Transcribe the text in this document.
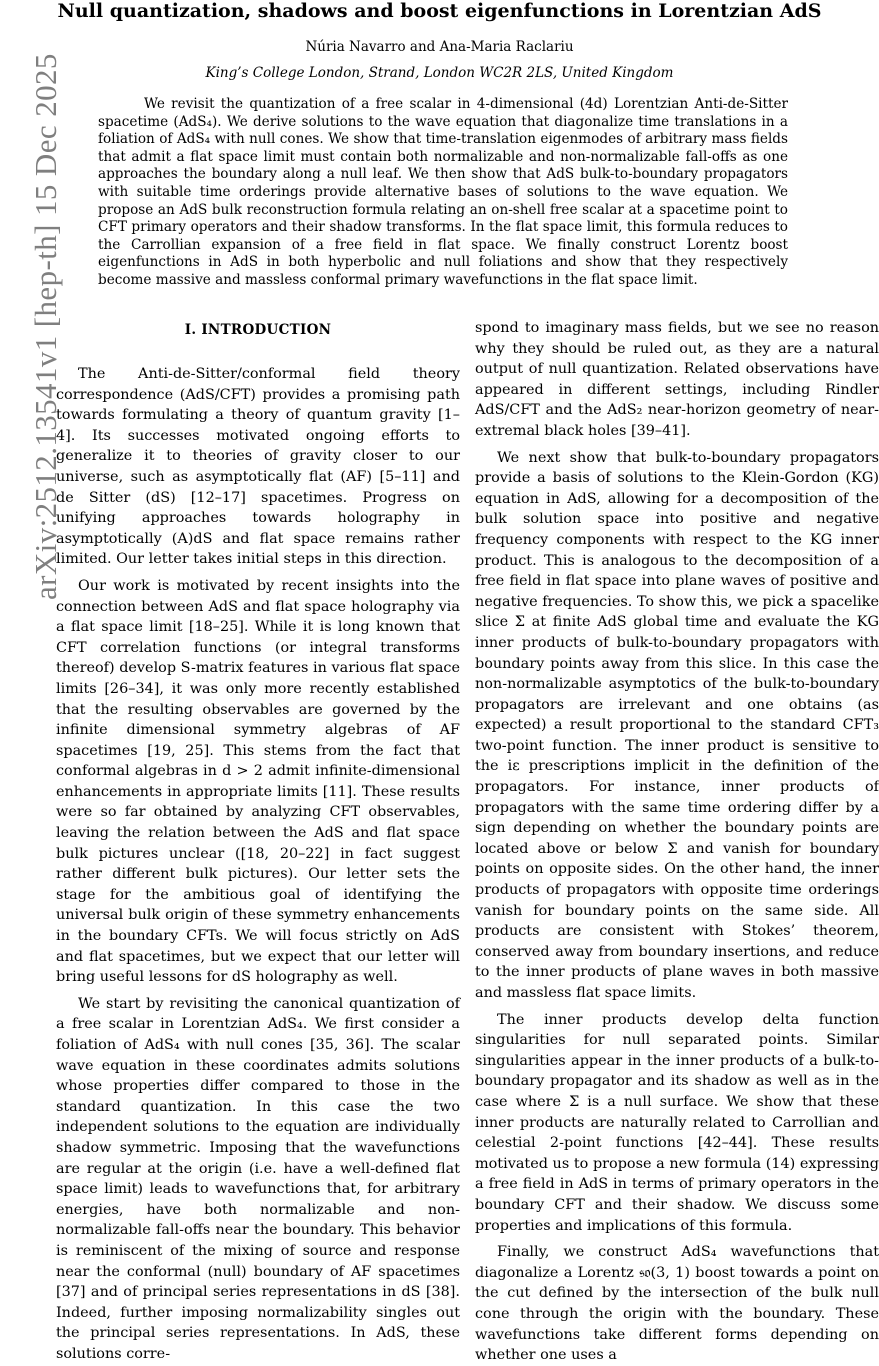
Null quantization, shadows and boost eigenfunctions in Lorentzian AdS
Núria Navarro and Ana-Maria Raclariu
King’s College London, Strand, London WC2R 2LS, United Kingdom

We revisit the quantization of a free scalar in 4-dimensional (4d) Lorentzian Anti-de-Sitter spacetime (AdS₄). We derive solutions to the wave equation that diagonalize time translations in a foliation of AdS₄ with null cones. We show that time-translation eigenmodes of arbitrary mass fields that admit a flat space limit must contain both normalizable and non-normalizable fall-offs as one approaches the boundary along a null leaf. We then show that AdS bulk-to-boundary propagators with suitable time orderings provide alternative bases of solutions to the wave equation. We propose an AdS bulk reconstruction formula relating an on-shell free scalar at a spacetime point to CFT primary operators and their shadow transforms. In the flat space limit, this formula reduces to the Carrollian expansion of a free field in flat space. We finally construct Lorentz boost eigenfunctions in AdS in both hyperbolic and null foliations and show that they respectively become massive and massless conformal primary wavefunctions in the flat space limit.

arXiv:2512.13541v1 [hep-th] 15 Dec 2025	I. INTRODUCTION

The Anti-de-Sitter/conformal field theory correspondence (AdS/CFT) provides a promising path towards formulating a theory of quantum gravity [1–4]. Its successes motivated ongoing efforts to generalize it to theories of gravity closer to our universe, such as asymptotically flat (AF) [5–11] and de Sitter (dS) [12–17] spacetimes. Progress on unifying approaches towards holography in asymptotically (A)dS and flat space remains rather limited. Our letter takes initial steps in this direction.

Our work is motivated by recent insights into the connection between AdS and flat space holography via a flat space limit [18–25]. While it is long known that CFT correlation functions (or integral transforms thereof) develop S-matrix features in various flat space limits [26–34], it was only more recently established that the resulting observables are governed by the infinite dimensional symmetry algebras of AF spacetimes [19, 25]. This stems from the fact that conformal algebras in d > 2 admit infinite-dimensional enhancements in appropriate limits [11]. These results were so far obtained by analyzing CFT observables, leaving the relation between the AdS and flat space bulk pictures unclear ([18, 20–22] in fact suggest rather different bulk pictures). Our letter sets the stage for the ambitious goal of identifying the universal bulk origin of these symmetry enhancements in the boundary CFTs. We will focus strictly on AdS and flat spacetimes, but we expect that our letter will bring useful lessons for dS holography as well.

We start by revisiting the canonical quantization of a free scalar in Lorentzian AdS₄. We first consider a foliation of AdS₄ with null cones [35, 36]. The scalar wave equation in these coordinates admits solutions whose properties differ compared to those in the standard quantization. In this case the two independent solutions to the equation are individually shadow symmetric. Imposing that the wavefunctions are regular at the origin (i.e. have a well-defined flat space limit) leads to wavefunctions that, for arbitrary energies, have both normalizable and non-normalizable fall-offs near the boundary. This behavior is reminiscent of the mixing of source and response near the conformal (null) boundary of AF spacetimes [37] and of principal series representations in dS [38]. Indeed, further imposing normalizability singles out the principal series representations. In AdS, these solutions corre-

spond to imaginary mass fields, but we see no reason why they should be ruled out, as they are a natural output of null quantization. Related observations have appeared in different settings, including Rindler AdS/CFT and the AdS₂ near-horizon geometry of near-extremal black holes [39–41].

We next show that bulk-to-boundary propagators provide a basis of solutions to the Klein-Gordon (KG) equation in AdS, allowing for a decomposition of the bulk solution space into positive and negative frequency components with respect to the KG inner product. This is analogous to the decomposition of a free field in flat space into plane waves of positive and negative frequencies. To show this, we pick a spacelike slice Σ at finite AdS global time and evaluate the KG inner products of bulk-to-boundary propagators with boundary points away from this slice. In this case the non-normalizable asymptotics of the bulk-to-boundary propagators are irrelevant and one obtains (as expected) a result proportional to the standard CFT₃ two-point function. The inner product is sensitive to the iε prescriptions implicit in the definition of the propagators. For instance, inner products of propagators with the same time ordering differ by a sign depending on whether the boundary points are located above or below Σ and vanish for boundary points on opposite sides. On the other hand, the inner products of propagators with opposite time orderings vanish for boundary points on the same side. All products are consistent with Stokes’ theorem, conserved away from boundary insertions, and reduce to the inner products of plane waves in both massive and massless flat space limits.

The inner products develop delta function singularities for null separated points. Similar singularities appear in the inner products of a bulk-to-boundary propagator and its shadow as well as in the case where Σ is a null surface. We show that these inner products are naturally related to Carrollian and celestial 2-point functions [42–44]. These results motivated us to propose a new formula (14) expressing a free field in AdS in terms of primary operators in the boundary CFT and their shadow. We discuss some properties and implications of this formula.

Finally, we construct AdS₄ wavefunctions that diagonalize a Lorentz 𝔰𝔬(3, 1) boost towards a point on the cut defined by the intersection of the bulk null cone through the origin with the boundary. These wavefunctions take different forms depending on whether one uses a
